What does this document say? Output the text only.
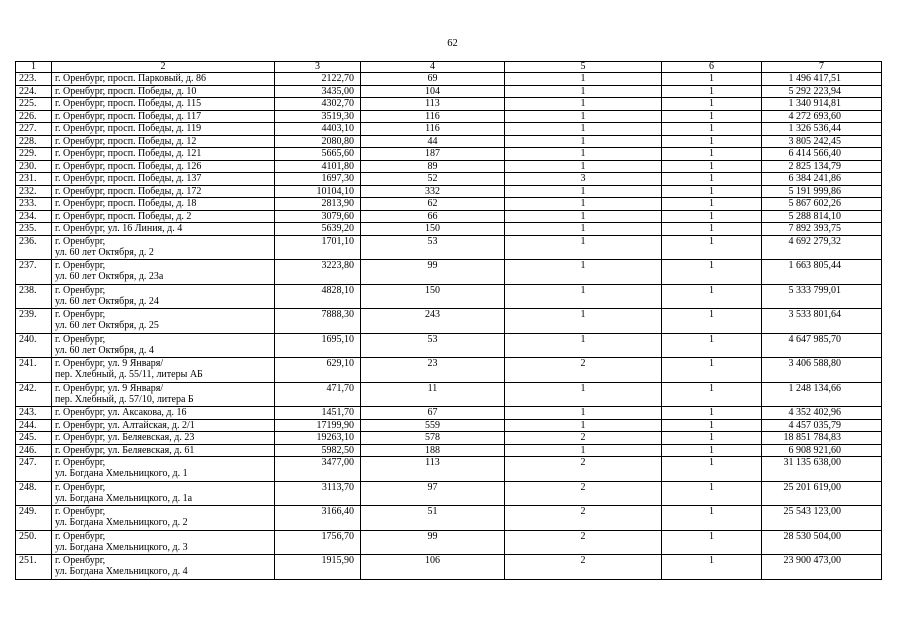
62
1	2	3	4	5	6	7
223.	г. Оренбург, просп. Парковый, д. 86	2122,70	69	1	1	1 496 417,51
224.	г. Оренбург, просп. Победы, д. 10	3435,00	104	1	1	5 292 223,94
225.	г. Оренбург, просп. Победы, д. 115	4302,70	113	1	1	1 340 914,81
226.	г. Оренбург, просп. Победы, д. 117	3519,30	116	1	1	4 272 693,60
227.	г. Оренбург, просп. Победы, д. 119	4403,10	116	1	1	1 326 536,44
228.	г. Оренбург, просп. Победы, д. 12	2080,80	44	1	1	3 805 242,45
229.	г. Оренбург, просп. Победы, д. 121	5665,60	187	1	1	6 414 566,40
230.	г. Оренбург, просп. Победы, д. 126	4101,80	89	1	1	2 825 134,79
231.	г. Оренбург, просп. Победы, д. 137	1697,30	52	3	1	6 384 241,86
232.	г. Оренбург, просп. Победы, д. 172	10104,10	332	1	1	5 191 999,86
233.	г. Оренбург, просп. Победы, д. 18	2813,90	62	1	1	5 867 602,26
234.	г. Оренбург, просп. Победы, д. 2	3079,60	66	1	1	5 288 814,10
235.	г. Оренбург, ул. 16 Линия, д. 4	5639,20	150	1	1	7 892 393,75
236.	г. Оренбург,
ул. 60 лет Октября, д. 2	1701,10	53	1	1	4 692 279,32
237.	г. Оренбург,
ул. 60 лет Октября, д. 23а	3223,80	99	1	1	1 663 805,44
238.	г. Оренбург,
ул. 60 лет Октября, д. 24	4828,10	150	1	1	5 333 799,01
239.	г. Оренбург,
ул. 60 лет Октября, д. 25	7888,30	243	1	1	3 533 801,64
240.	г. Оренбург,
ул. 60 лет Октября, д. 4	1695,10	53	1	1	4 647 985,70
241.	г. Оренбург, ул. 9 Января/
пер. Хлебный, д. 55/11, литеры АБ	629,10	23	2	1	3 406 588,80
242.	г. Оренбург, ул. 9 Января/
пер. Хлебный, д. 57/10, литера Б	471,70	11	1	1	1 248 134,66
243.	г. Оренбург, ул. Аксакова, д. 16	1451,70	67	1	1	4 352 402,96
244.	г. Оренбург, ул. Алтайская, д. 2/1	17199,90	559	1	1	4 457 035,79
245.	г. Оренбург, ул. Беляевская, д. 23	19263,10	578	2	1	18 851 784,83
246.	г. Оренбург, ул. Беляевская, д. 61	5982,50	188	1	1	6 908 921,60
247.	г. Оренбург,
ул. Богдана Хмельницкого, д. 1	3477,00	113	2	1	31 135 638,00
248.	г. Оренбург,
ул. Богдана Хмельницкого, д. 1а	3113,70	97	2	1	25 201 619,00
249.	г. Оренбург,
ул. Богдана Хмельницкого, д. 2	3166,40	51	2	1	25 543 123,00
250.	г. Оренбург,
ул. Богдана Хмельницкого, д. 3	1756,70	99	2	1	28 530 504,00
251.	г. Оренбург,
ул. Богдана Хмельницкого, д. 4	1915,90	106	2	1	23 900 473,00
